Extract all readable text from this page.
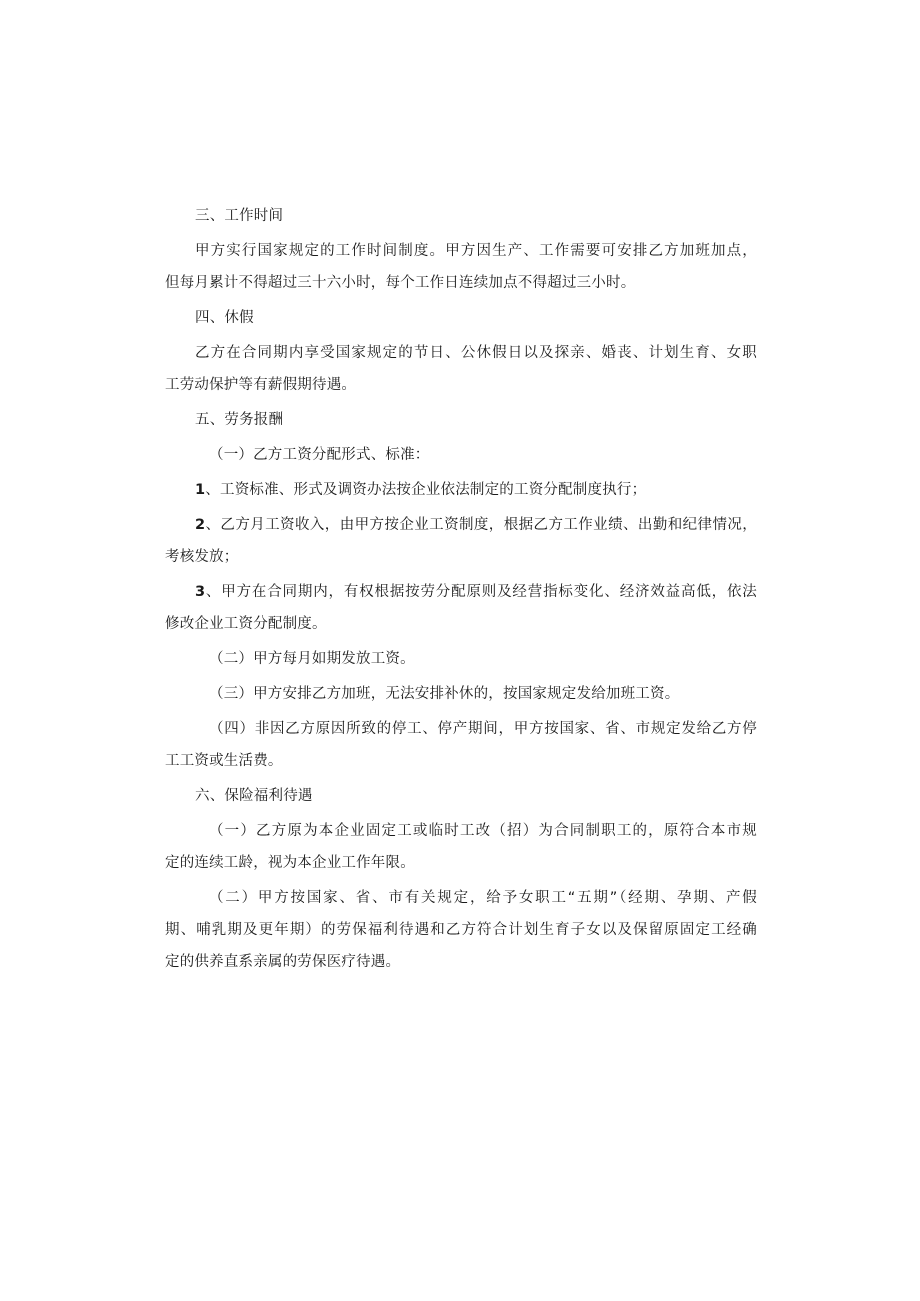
三、工作时间

甲方实行国家规定的工作时间制度。甲方因生产、工作需要可安排乙方加班加点，

但每月累计不得超过三十六小时，每个工作日连续加点不得超过三小时。

四、休假

乙方在合同期内享受国家规定的节日、公休假日以及探亲、婚丧、计划生育、女职

工劳动保护等有薪假期待遇。

五、劳务报酬

（一）乙方工资分配形式、标准：

1、工资标准、形式及调资办法按企业依法制定的工资分配制度执行；

2、乙方月工资收入，由甲方按企业工资制度，根据乙方工作业绩、出勤和纪律情况，

考核发放；

3、甲方在合同期内，有权根据按劳分配原则及经营指标变化、经济效益高低，依法

修改企业工资分配制度。

（二）甲方每月如期发放工资。

（三）甲方安排乙方加班，无法安排补休的，按国家规定发给加班工资。

（四）非因乙方原因所致的停工、停产期间，甲方按国家、省、市规定发给乙方停

工工资或生活费。

六、保险福利待遇

（一）乙方原为本企业固定工或临时工改（招）为合同制职工的，原符合本市规

定的连续工龄，视为本企业工作年限。

（二）甲方按国家、省、市有关规定，给予女职工“五期”（经期、孕期、产假

期、哺乳期及更年期）的劳保福利待遇和乙方符合计划生育子女以及保留原固定工经确

定的供养直系亲属的劳保医疗待遇。
